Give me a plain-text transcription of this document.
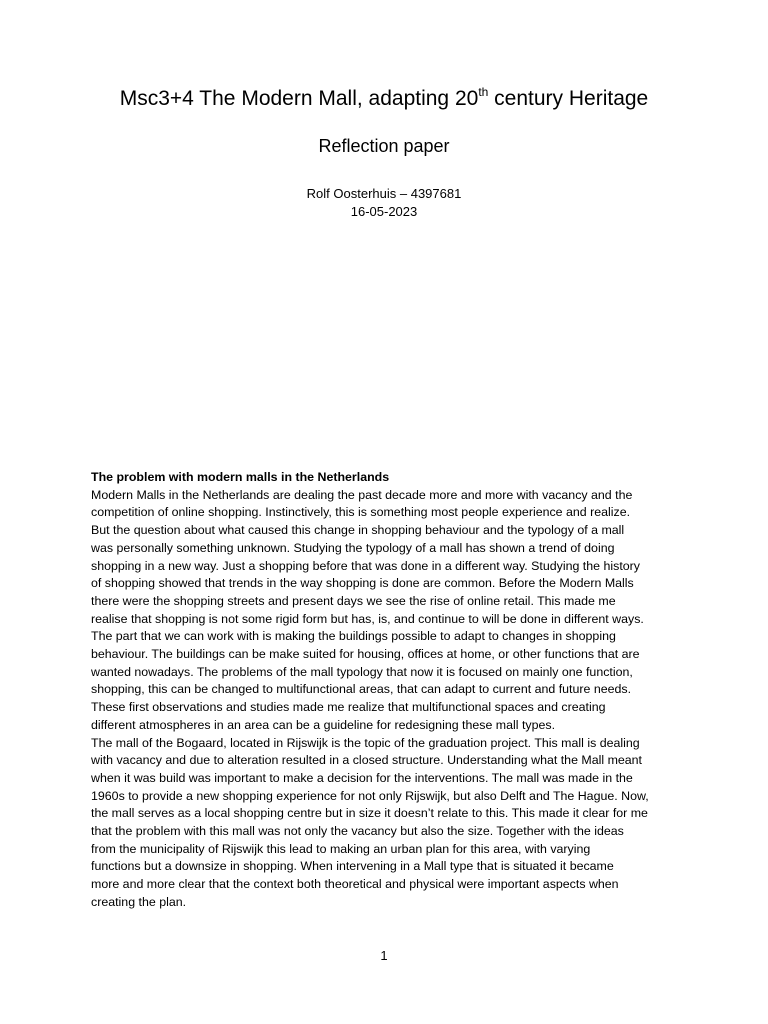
Msc3+4 The Modern Mall, adapting 20th century Heritage
Reflection paper
Rolf Oosterhuis – 4397681
16-05-2023
The problem with modern malls in the Netherlands

Modern Malls in the Netherlands are dealing the past decade more and more with vacancy and the
competition of online shopping. Instinctively, this is something most people experience and realize.
But the question about what caused this change in shopping behaviour and the typology of a mall
was personally something unknown. Studying the typology of a mall has shown a trend of doing
shopping in a new way. Just a shopping before that was done in a different way. Studying the history
of shopping showed that trends in the way shopping is done are common. Before the Modern Malls
there were the shopping streets and present days we see the rise of online retail. This made me
realise that shopping is not some rigid form but has, is, and continue to will be done in different ways.
The part that we can work with is making the buildings possible to adapt to changes in shopping
behaviour. The buildings can be make suited for housing, offices at home, or other functions that are
wanted nowadays. The problems of the mall typology that now it is focused on mainly one function,
shopping, this can be changed to multifunctional areas, that can adapt to current and future needs.
These first observations and studies made me realize that multifunctional spaces and creating
different atmospheres in an area can be a guideline for redesigning these mall types.

The mall of the Bogaard, located in Rijswijk is the topic of the graduation project. This mall is dealing
with vacancy and due to alteration resulted in a closed structure. Understanding what the Mall meant
when it was build was important to make a decision for the interventions. The mall was made in the
1960s to provide a new shopping experience for not only Rijswijk, but also Delft and The Hague. Now,
the mall serves as a local shopping centre but in size it doesn’t relate to this. This made it clear for me
that the problem with this mall was not only the vacancy but also the size. Together with the ideas
from the municipality of Rijswijk this lead to making an urban plan for this area, with varying
functions but a downsize in shopping. When intervening in a Mall type that is situated it became
more and more clear that the context both theoretical and physical were important aspects when
creating the plan.

1
